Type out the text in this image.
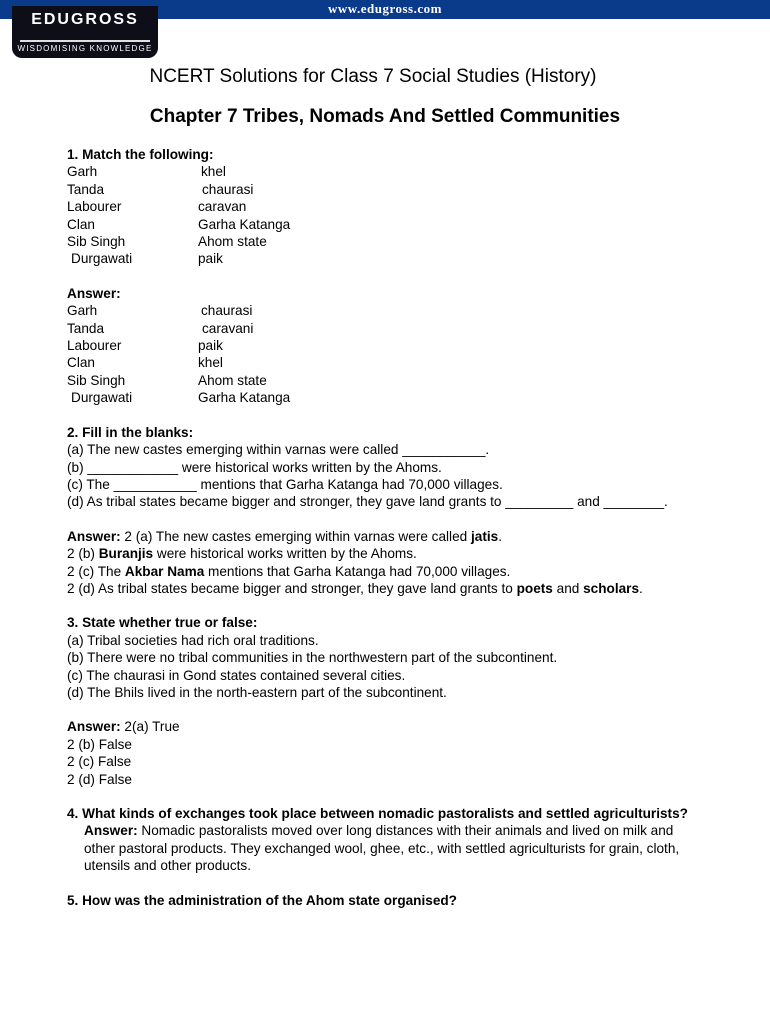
www.edugross.com
EDUGROSS
WISDOMISING KNOWLEDGE
NCERT Solutions for Class 7 Social Studies (History)
Chapter 7 Tribes, Nomads And Settled Communities
1. Match the following:
Garh	khel
Tanda	chaurasi
Labourer	caravan
Clan	Garha Katanga
Sib Singh	Ahom state
Durgawati	paik
Answer:
Garh	chaurasi
Tanda	caravani
Labourer	paik
Clan	khel
Sib Singh	Ahom state
Durgawati	Garha Katanga
2. Fill in the blanks:
(a) The new castes emerging within varnas were called ___________.
(b) ____________ were historical works written by the Ahoms.
(c) The ___________ mentions that Garha Katanga had 70,000 villages.
(d) As tribal states became bigger and stronger, they gave land grants to _________ and ________.
Answer: 2 (a) The new castes emerging within varnas were called jatis.
2 (b) Buranjis were historical works written by the Ahoms.
2 (c) The Akbar Nama mentions that Garha Katanga had 70,000 villages.
2 (d) As tribal states became bigger and stronger, they gave land grants to poets and scholars.
3. State whether true or false:
(a) Tribal societies had rich oral traditions.
(b) There were no tribal communities in the northwestern part of the subcontinent.
(c) The chaurasi in Gond states contained several cities.
(d) The Bhils lived in the north-eastern part of the subcontinent.
Answer: 2(a) True
2 (b) False
2 (c) False
2 (d) False
4. What kinds of exchanges took place between nomadic pastoralists and settled agriculturists?
Answer: Nomadic pastoralists moved over long distances with their animals and lived on milk and
other pastoral products. They exchanged wool, ghee, etc., with settled agriculturists for grain, cloth,
utensils and other products.
5. How was the administration of the Ahom state organised?
